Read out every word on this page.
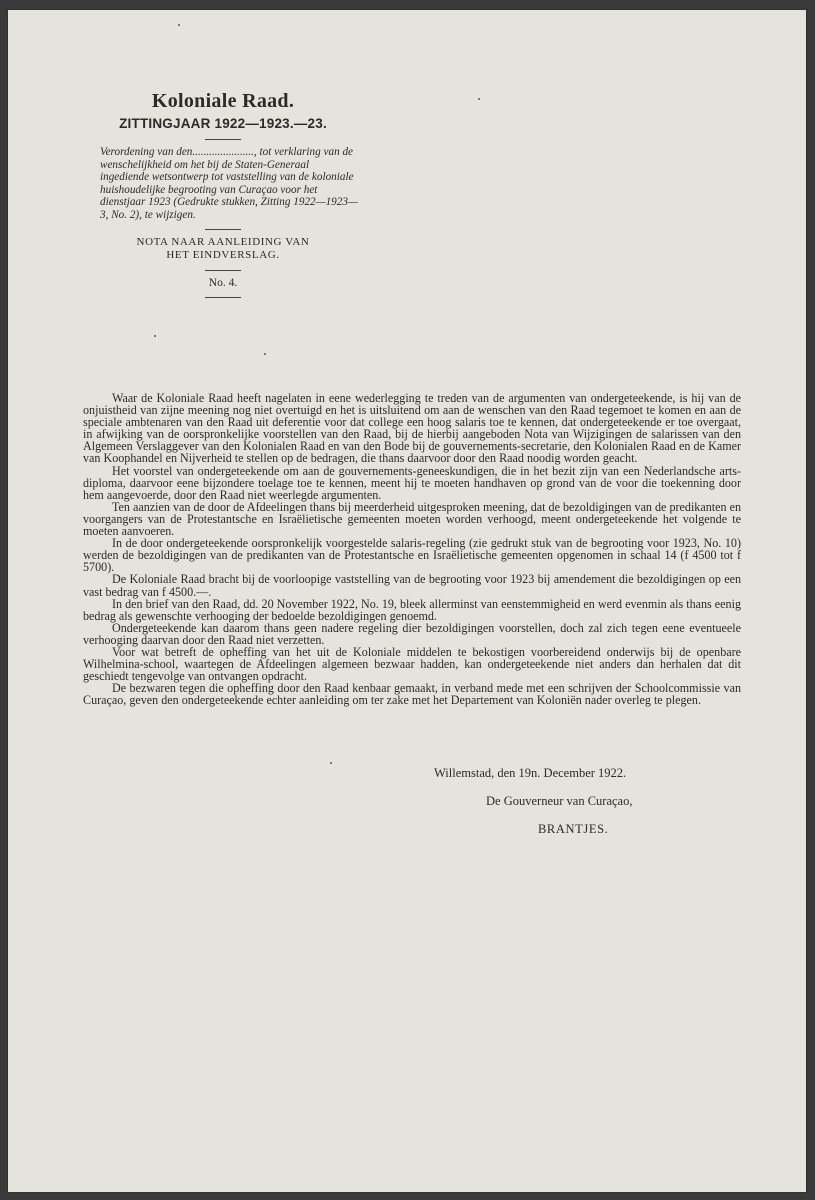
Koloniale Raad.
ZITTINGJAAR 1922—1923.—23.
Verordening van den......................, tot verklaring van de wenschelijkheid om het bij de Staten-Generaal ingediende wetsontwerp tot vaststelling van de koloniale huishoudelijke begrooting van Curaçao voor het dienstjaar 1923 (Gedrukte stukken, Zitting 1922—1923—3, No. 2), te wijzigen.
NOTA NAAR AANLEIDING VAN
HET EINDVERSLAG.
No. 4.

Waar de Koloniale Raad heeft nagelaten in eene wederlegging te treden van de argumenten van ondergeteekende, is hij van de onjuistheid van zijne meening nog niet overtuigd en het is uitsluitend om aan de wenschen van den Raad tegemoet te komen en aan de speciale ambtenaren van den Raad uit deferentie voor dat college een hoog salaris toe te kennen, dat ondergeteekende er toe overgaat, in afwijking van de oorspronkelijke voorstellen van den Raad, bij de hierbij aangeboden Nota van Wijzigingen de salarissen van den Algemeen Verslaggever van den Kolonialen Raad en van den Bode bij de gouvernements-secretarie, den Kolonialen Raad en de Kamer van Koophandel en Nijverheid te stellen op de bedragen, die thans daarvoor door den Raad noodig worden geacht.

Het voorstel van ondergeteekende om aan de gouvernements-geneeskundigen, die in het bezit zijn van een Nederlandsche arts-diploma, daarvoor eene bijzondere toelage toe te kennen, meent hij te moeten handhaven op grond van de voor die toekenning door hem aangevoerde, door den Raad niet weerlegde argumenten.

Ten aanzien van de door de Afdeelingen thans bij meerderheid uitgesproken meening, dat de bezoldigingen van de predikanten en voorgangers van de Protestantsche en Israëlietische gemeenten moeten worden verhoogd, meent ondergeteekende het volgende te moeten aanvoeren.

In de door ondergeteekende oorspronkelijk voorgestelde salaris-regeling (zie gedrukt stuk van de begrooting voor 1923, No. 10) werden de bezoldigingen van de predikanten van de Protestantsche en Israëlietische gemeenten opgenomen in schaal 14 (f 4500 tot f 5700).

De Koloniale Raad bracht bij de voorloopige vaststelling van de begrooting voor 1923 bij amendement die bezoldigingen op een vast bedrag van f 4500.—.

In den brief van den Raad, dd. 20 November 1922, No. 19, bleek allerminst van eenstemmigheid en werd evenmin als thans eenig bedrag als gewenschte verhooging der bedoelde bezoldigingen genoemd.

Ondergeteekende kan daarom thans geen nadere regeling dier bezoldigingen voorstellen, doch zal zich tegen eene eventueele verhooging daarvan door den Raad niet verzetten.

Voor wat betreft de opheffing van het uit de Koloniale middelen te bekostigen voorbereidend onderwijs bij de openbare Wilhelmina-school, waartegen de Afdeelingen algemeen bezwaar hadden, kan ondergeteekende niet anders dan herhalen dat dit geschiedt tengevolge van ontvangen opdracht.

De bezwaren tegen die opheffing door den Raad kenbaar gemaakt, in verband mede met een schrijven der Schoolcommissie van Curaçao, geven den ondergeteekende echter aanleiding om ter zake met het Departement van Koloniën nader overleg te plegen.

Willemstad, den 19n. December 1922.
De Gouverneur van Curaçao,
BRANTJES.
